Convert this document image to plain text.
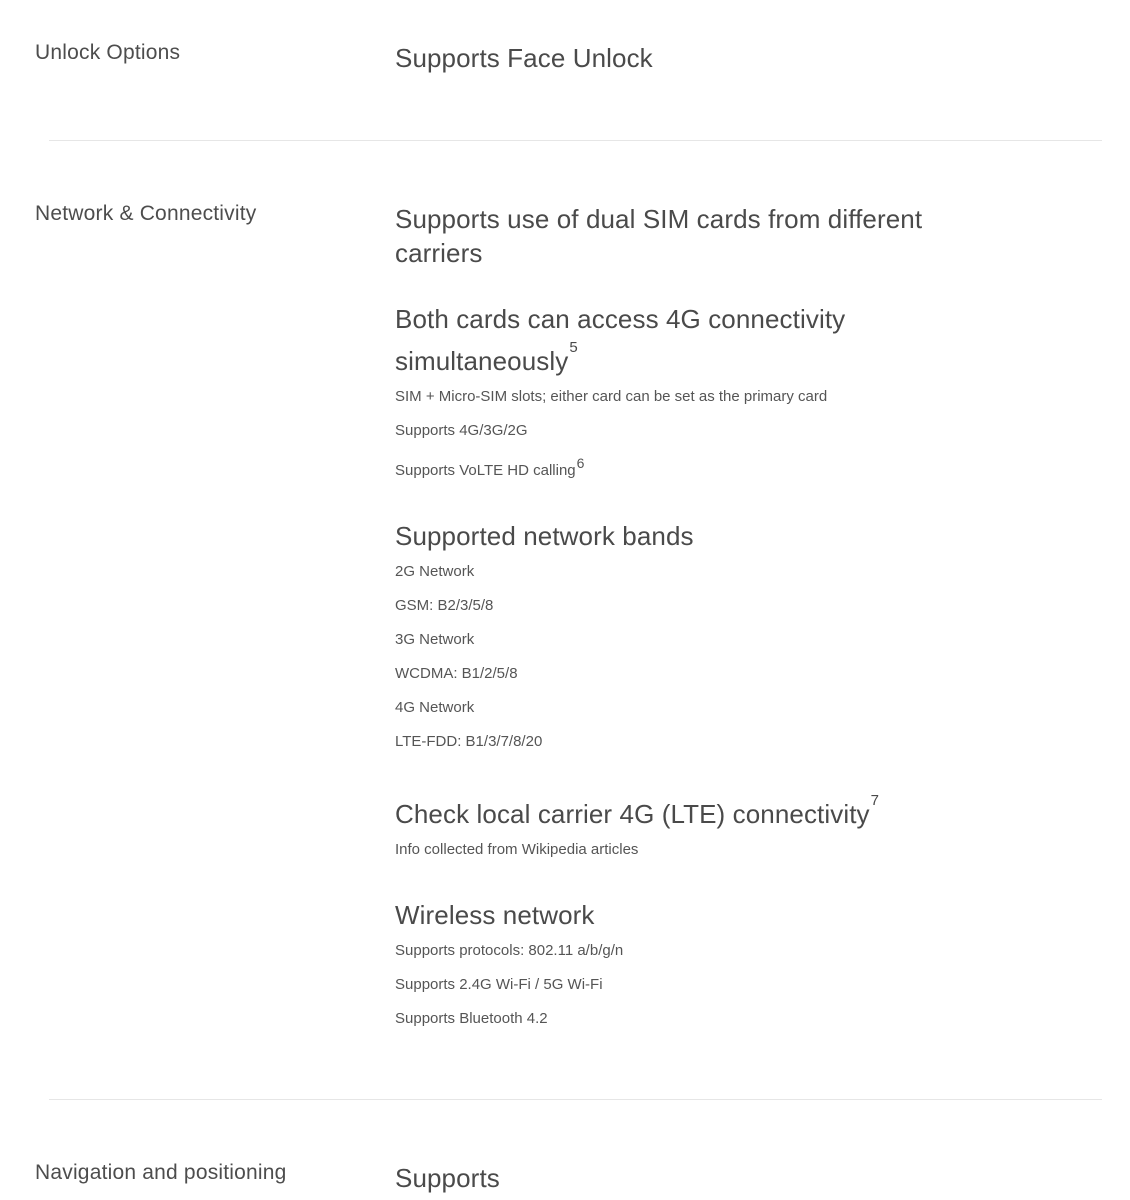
Unlock Options	Supports Face Unlock
Network & Connectivity	Supports use of dual SIM cards from different
carriers
Both cards can access 4G connectivity
simultaneously$^5$
SIM + Micro-SIM slots; either card can be set as the primary card
Supports 4G/3G/2G
Supports VoLTE HD calling$^6$
Supported network bands
2G Network
GSM: B2/3/5/8
3G Network
WCDMA: B1/2/5/8
4G Network
LTE-FDD: B1/3/7/8/20
Check local carrier 4G (LTE) connectivity$^7$
Info collected from Wikipedia articles
Wireless network
Supports protocols: 802.11 a/b/g/n
Supports 2.4G Wi-Fi / 5G Wi-Fi
Supports Bluetooth 4.2
Navigation and positioning	Supports
